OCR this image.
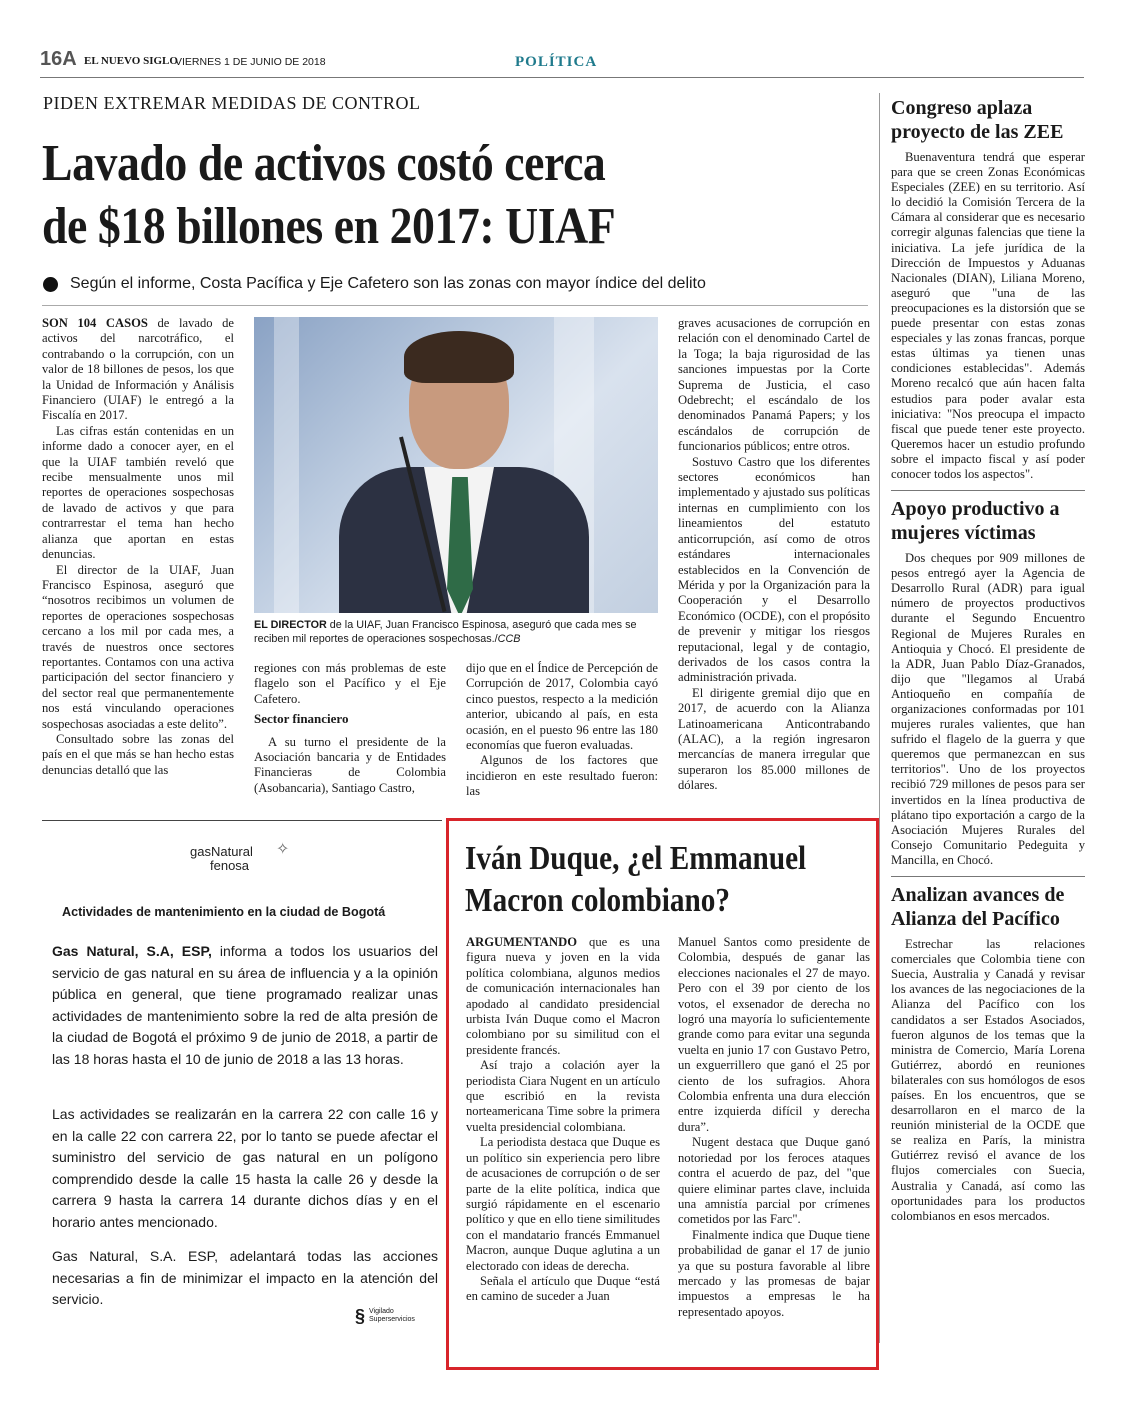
16A EL NUEVO SIGLO
VIERNES 1 DE JUNIO DE 2018	POLÍTICA
PIDEN EXTREMAR MEDIDAS DE CONTROL
Lavado de activos costó cerca
de $18 billones en 2017: UIAF
Según el informe, Costa Pacífica y Eje Cafetero son las zonas con mayor índice del delito

SON 104 CASOS de lavado de activos del narcotráfico, el contrabando o la corrupción, con un valor de 18 billones de pesos, los que la Unidad de Información y Análisis Financiero (UIAF) le entregó a la Fiscalía en 2017.

Las cifras están contenidas en un informe dado a conocer ayer, en el que la UIAF también reveló que recibe mensualmente unos mil reportes de operaciones sospechosas de lavado de activos y que para contrarrestar el tema han hecho alianza que aportan en estas denuncias.

El director de la UIAF, Juan Francisco Espinosa, aseguró que “nosotros recibimos un volumen de reportes de operaciones sospechosas cercano a los mil por cada mes, a través de nuestros once sectores reportantes. Contamos con una activa participación del sector financiero y del sector real que permanentemente nos está vinculando operaciones sospechosas asociadas a este delito”.

Consultado sobre las zonas del país en el que más se han hecho estas denuncias detalló que las

EL DIRECTOR de la UIAF, Juan Francisco Espinosa, aseguró que cada mes se reciben mil reportes de operaciones sospechosas./CCB

regiones con más problemas de este flagelo son el Pacífico y el Eje Cafetero.

Sector financiero

A su turno el presidente de la Asociación bancaria y de Entidades Financieras de Colombia (Asobancaria), Santiago Castro,

dijo que en el Índice de Percepción de Corrupción de 2017, Colombia cayó cinco puestos, respecto a la medición anterior, ubicando al país, en esta ocasión, en el puesto 96 entre las 180 economías que fueron evaluadas.

Algunos de los factores que incidieron en este resultado fueron: las

graves acusaciones de corrupción en relación con el denominado Cartel de la Toga; la baja rigurosidad de las sanciones impuestas por la Corte Suprema de Justicia, el caso Odebrecht; el escándalo de los denominados Panamá Papers; y los escándalos de corrupción de funcionarios públicos; entre otros.

Sostuvo Castro que los diferentes sectores económicos han implementado y ajustado sus políticas internas en cumplimiento con los lineamientos del estatuto anticorrupción, así como de otros estándares internacionales establecidos en la Convención de Mérida y por la Organización para la Cooperación y el Desarrollo Económico (OCDE), con el propósito de prevenir y mitigar los riesgos reputacional, legal y de contagio, derivados de los casos contra la administración privada.

El dirigente gremial dijo que en 2017, de acuerdo con la Alianza Latinoamericana Anticontrabando (ALAC), a la región ingresaron mercancías de manera irregular que superaron los 85.000 millones de dólares.

Congreso aplaza proyecto de las ZEE

Buenaventura tendrá que esperar para que se creen Zonas Económicas Especiales (ZEE) en su territorio. Así lo decidió la Comisión Tercera de la Cámara al considerar que es necesario corregir algunas falencias que tiene la iniciativa. La jefe jurídica de la Dirección de Impuestos y Aduanas Nacionales (DIAN), Liliana Moreno, aseguró que "una de las preocupaciones es la distorsión que se puede presentar con estas zonas especiales y las zonas francas, porque estas últimas ya tienen unas condiciones establecidas". Además Moreno recalcó que aún hacen falta estudios para poder avalar esta iniciativa: "Nos preocupa el impacto fiscal que puede tener este proyecto. Queremos hacer un estudio profundo sobre el impacto fiscal y así poder conocer todos los aspectos".

Apoyo productivo a mujeres víctimas

Dos cheques por 909 millones de pesos entregó ayer la Agencia de Desarrollo Rural (ADR) para igual número de proyectos productivos durante el Segundo Encuentro Regional de Mujeres Rurales en Antioquia y Chocó. El presidente de la ADR, Juan Pablo Díaz-Granados, dijo que "llegamos al Urabá Antioqueño en compañía de organizaciones conformadas por 101 mujeres rurales valientes, que han sufrido el flagelo de la guerra y que queremos que permanezcan en sus territorios". Uno de los proyectos recibió 729 millones de pesos para ser invertidos en la línea productiva de plátano tipo exportación a cargo de la Asociación Mujeres Rurales del Consejo Comunitario Pedeguita y Mancilla, en Chocó.

Analizan avances de Alianza del Pacífico

Estrechar las relaciones comerciales que Colombia tiene con Suecia, Australia y Canadá y revisar los avances de las negociaciones de la Alianza del Pacífico con los candidatos a ser Estados Asociados, fueron algunos de los temas que la ministra de Comercio, María Lorena Gutiérrez, abordó en reuniones bilaterales con sus homólogos de esos países. En los encuentros, que se desarrollaron en el marco de la reunión ministerial de la OCDE que se realiza en París, la ministra Gutiérrez revisó el avance de los flujos comerciales con Suecia, Australia y Canadá, así como las oportunidades para los productos colombianos en esos mercados.

gasNatural
fenosa
✧
Actividades de mantenimiento en la ciudad de Bogotá

Gas Natural, S.A, ESP, informa a todos los usuarios del servicio de gas natural en su área de influencia y a la opinión pública en general, que tiene programado realizar unas actividades de mantenimiento sobre la red de alta presión de la ciudad de Bogotá el próximo 9 de junio de 2018, a partir de las 18 horas hasta el 10 de junio de 2018 a las 13 horas.

Las actividades se realizarán en la carrera 22 con calle 16 y en la calle 22 con carrera 22, por lo tanto se puede afectar el suministro del servicio de gas natural en un polígono comprendido desde la calle 15 hasta la calle 26 y desde la carrera 9 hasta la carrera 14 durante dichos días y en el horario antes mencionado.

Gas Natural, S.A. ESP, adelantará todas las acciones necesarias a fin de minimizar el impacto en la atención del servicio.

§ Vigilado
Superservicios
Iván Duque, ¿el Emmanuel
Macron colombiano?

ARGUMENTANDO que es una figura nueva y joven en la vida política colombiana, algunos medios de comunicación internacionales han apodado al candidato presidencial urbista Iván Duque como el Macron colombiano por su similitud con el presidente francés.

Así trajo a colación ayer la periodista Ciara Nugent en un artículo que escribió en la revista norteamericana Time sobre la primera vuelta presidencial colombiana.

La periodista destaca que Duque es un político sin experiencia pero libre de acusaciones de corrupción o de ser parte de la elite política, indica que surgió rápidamente en el escenario político y que en ello tiene similitudes con el mandatario francés Emmanuel Macron, aunque Duque aglutina a un electorado con ideas de derecha.

Señala el artículo que Duque “está en camino de suceder a Juan

Manuel Santos como presidente de Colombia, después de ganar las elecciones nacionales el 27 de mayo. Pero con el 39 por ciento de los votos, el exsenador de derecha no logró una mayoría lo suficientemente grande como para evitar una segunda vuelta en junio 17 con Gustavo Petro, un exguerrillero que ganó el 25 por ciento de los sufragios. Ahora Colombia enfrenta una dura elección entre izquierda difícil y derecha dura”.

Nugent destaca que Duque ganó notoriedad por los feroces ataques contra el acuerdo de paz, del "que quiere eliminar partes clave, incluida una amnistía parcial por crímenes cometidos por las Farc".

Finalmente indica que Duque tiene probabilidad de ganar el 17 de junio ya que su postura favorable al libre mercado y las promesas de bajar impuestos a empresas le ha representado apoyos.
